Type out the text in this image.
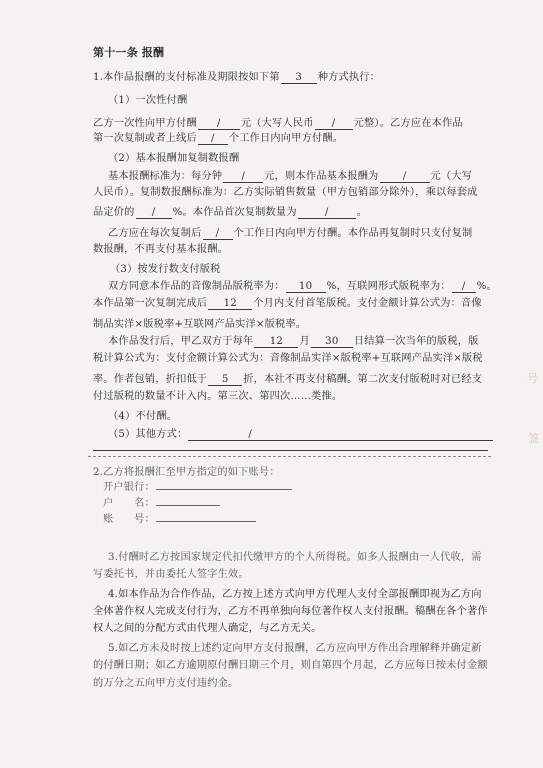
第十一条 报酬
1.本作品报酬的支付标准及期限按如下第 3 种方式执行：
（1）一次性付酬
乙方一次性向甲方付酬 / 元（大写人民币 / 元整）。乙方应在本作品
第一次复制或者上线后 / 个工作日内向甲方付酬。
（2）基本报酬加复制数报酬
基本报酬标准为：每分钟 / 元，则本作品基本报酬为 / 元（大写
人民币）。复制数报酬标准为：乙方实际销售数量（甲方包销部分除外），乘以每套成
品定价的 / %。本作品首次复制数量为	/	。
乙方应在每次复制后 / 个工作日内向甲方付酬。本作品再复制时只支付复制
数报酬，不再支付基本报酬。
（3）按发行数支付版税
双方同意本作品的音像制品版税率为： 10 %，互联网形式版税率为： / %。
本作品第一次复制完成后 12 个月内支付首笔版税。支付金额计算公式为：音像
制品实洋×版税率+互联网产品实洋×版税率。
本作品发行后，甲乙双方于每年 12 月 30 日结算一次当年的版税，版
税计算公式为：支付金额计算公式为：音像制品实洋×版税率+互联网产品实洋×版税
率。作者包销，折扣低于 5 折，本社不再支付稿酬。第二次支付版税时对已经支
付过版税的数量不计入内。第三次、第四次……类推。
（4）不付酬。
（5）其他方式：	/
2.乙方将报酬汇至甲方指定的如下账号：
开户银行：
户　　名：
账　　号：
3.付酬时乙方按国家规定代扣代缴甲方的个人所得税。如多人报酬由一人代收，需
写委托书，并由委托人签字生效。
4.如本作品为合作作品，乙方按上述方式向甲方代理人支付全部报酬即视为乙方向
全体著作权人完成支付行为，乙方不再单独向每位著作权人支付报酬。稿酬在各个著作
权人之间的分配方式由代理人确定，与乙方无关。
5.如乙方未及时按上述约定向甲方支付报酬，乙方应向甲方作出合理解释并确定新
的付酬日期；如乙方逾期原付酬日期三个月，则自第四个月起，乙方应每日按未付金额
的万分之五向甲方支付违约金。
号
签
